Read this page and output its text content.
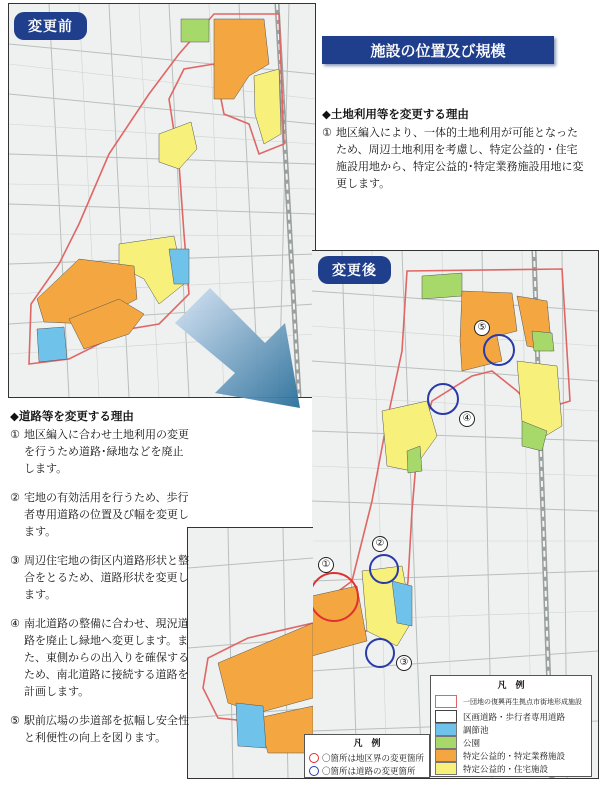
変更前
施設の位置及び規模
◆土地利用等を変更する理由
① 地区編入により、一体的土地利用が可能となったため、周辺土地利用を考慮し、特定公益的・住宅施設用地から、特定公益的･特定業務施設用地に変更します。
変更後
⑤
④
②
①
③
◆道路等を変更する理由
① 地区編入に合わせ土地利用の変更を行うため道路･緑地などを廃止します。
② 宅地の有効活用を行うため、歩行者専用道路の位置及び幅を変更します。
③ 周辺住宅地の街区内道路形状と整合をとるため、道路形状を変更します。
④ 南北道路の整備に合わせ、現況道路を廃止し緑地へ変更します。また、東側からの出入りを確保するため、南北道路に接続する道路を計画します。
⑤ 駅前広場の歩道部を拡幅し安全性と利便性の向上を図ります。
凡　例
一団地の復興再生拠点市街地形成施設
区画道路・歩行者専用道路
調節池
公園
特定公益的・特定業務施設
特定公益的・住宅施設
凡　例
〇箇所は地区界の変更箇所
〇箇所は道路の変更箇所
